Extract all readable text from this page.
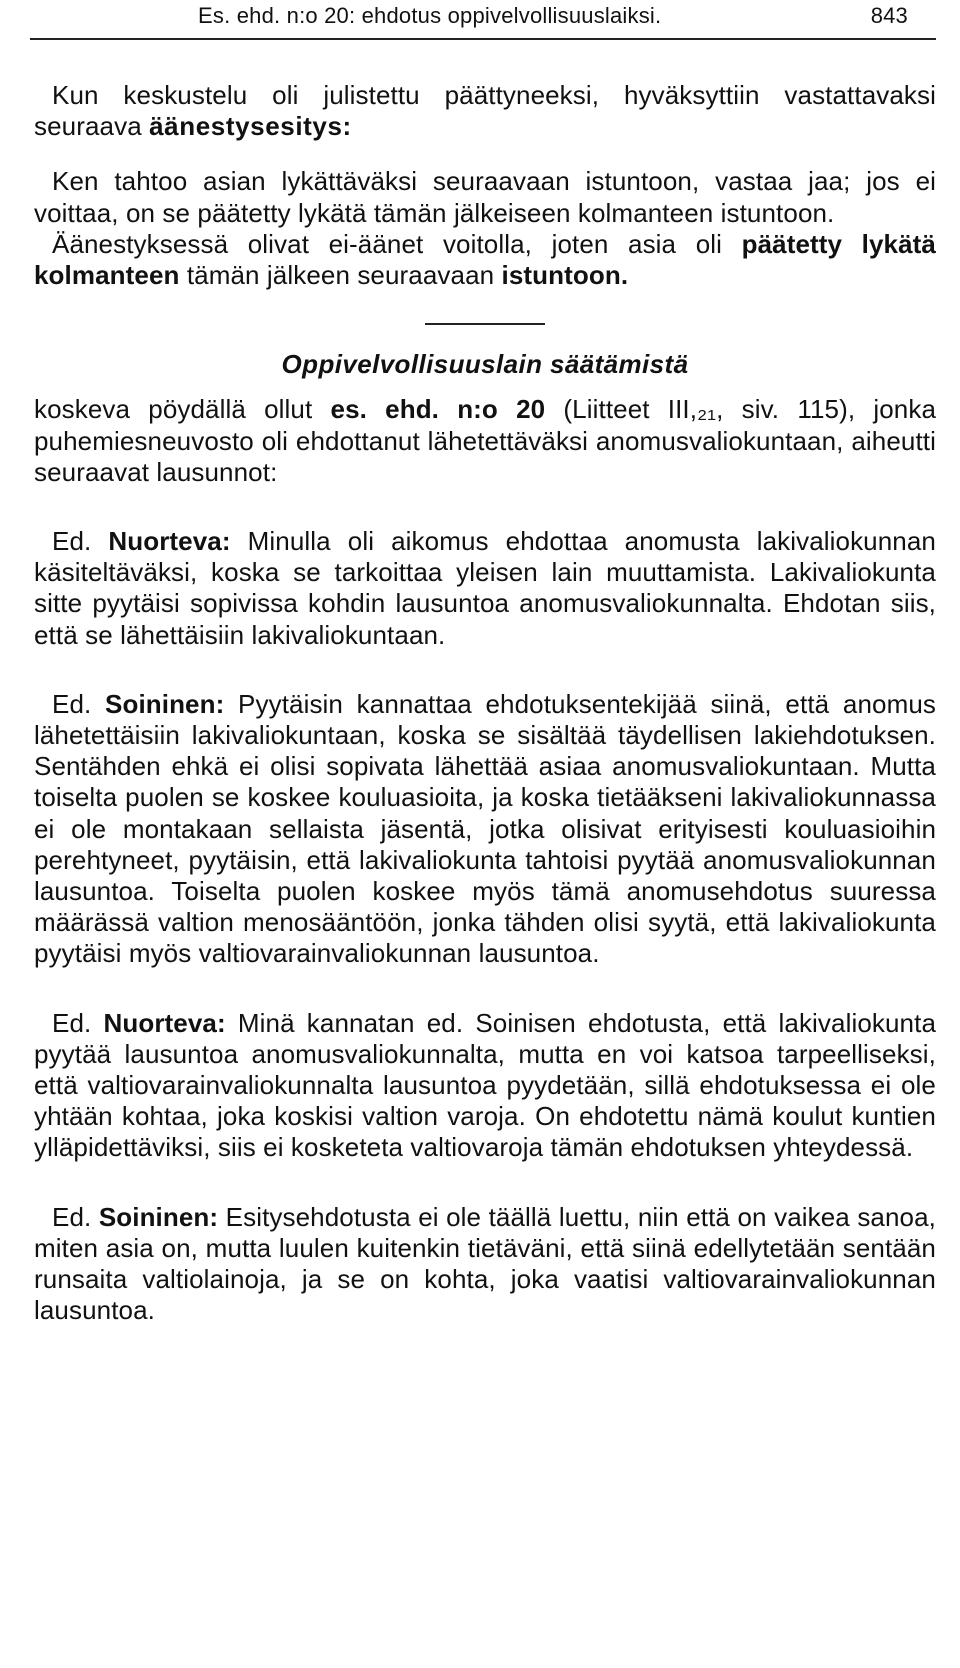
Es. ehd. n:o 20: ehdotus oppivelvollisuuslaiksi.	843

Kun keskustelu oli julistettu päättyneeksi, hyväksyttiin vastattavaksi seuraava äänestysesitys:

Ken tahtoo asian lykättäväksi seuraavaan istuntoon, vastaa jaa; jos ei voittaa, on se päätetty lykätä tämän jälkeiseen kolmanteen istuntoon.

Äänestyksessä olivat ei-äänet voitolla, joten asia oli päätetty lykätä kolmanteen tämän jälkeen seuraavaan istuntoon.

Oppivelvollisuuslain säätämistä

koskeva pöydällä ollut es. ehd. n:o 20 (Liitteet III,₂₁, siv. 115), jonka puhemiesneuvosto oli ehdottanut lähetettäväksi anomusvaliokuntaan, aiheutti seuraavat lausunnot:

Ed. Nuorteva: Minulla oli aikomus ehdottaa anomusta lakivaliokunnan käsiteltäväksi, koska se tarkoittaa yleisen lain muuttamista. Lakivaliokunta sitte pyytäisi sopivissa kohdin lausuntoa anomusvaliokunnalta. Ehdotan siis, että se lähettäisiin lakivaliokuntaan.

Ed. Soininen: Pyytäisin kannattaa ehdotuksentekijää siinä, että anomus lähetettäisiin lakivaliokuntaan, koska se sisältää täydellisen lakiehdotuksen. Sentähden ehkä ei olisi sopivata lähettää asiaa anomusvaliokuntaan. Mutta toiselta puolen se koskee kouluasioita, ja koska tietääkseni lakivaliokunnassa ei ole montakaan sellaista jäsentä, jotka olisivat erityisesti kouluasioihin perehtyneet, pyytäisin, että lakivaliokunta tahtoisi pyytää anomusvaliokunnan lausuntoa. Toiselta puolen koskee myös tämä anomusehdotus suuressa määrässä valtion menosääntöön, jonka tähden olisi syytä, että lakivaliokunta pyytäisi myös valtiovarainvaliokunnan lausuntoa.

Ed. Nuorteva: Minä kannatan ed. Soinisen ehdotusta, että lakivaliokunta pyytää lausuntoa anomusvaliokunnalta, mutta en voi katsoa tarpeelliseksi, että valtiovarainvaliokunnalta lausuntoa pyydetään, sillä ehdotuksessa ei ole yhtään kohtaa, joka koskisi valtion varoja. On ehdotettu nämä koulut kuntien ylläpidettäviksi, siis ei kosketeta valtiovaroja tämän ehdotuksen yhteydessä.

Ed. Soininen: Esitysehdotusta ei ole täällä luettu, niin että on vaikea sanoa, miten asia on, mutta luulen kuitenkin tietäväni, että siinä edellytetään sentään runsaita valtiolainoja, ja se on kohta, joka vaatisi valtiovarainvaliokunnan lausuntoa.
